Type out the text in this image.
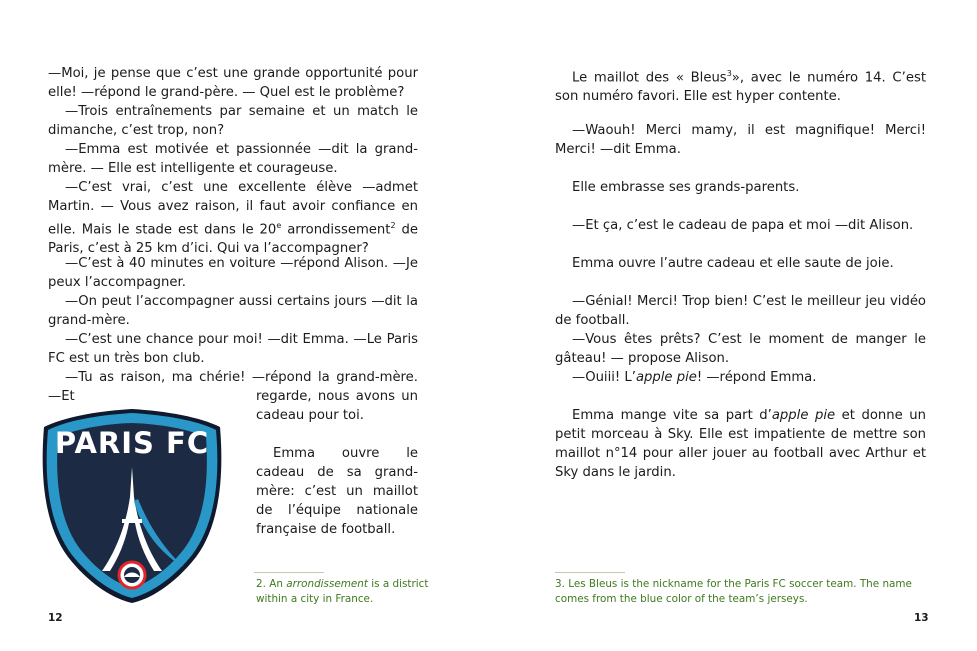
—Moi, je pense que c’est une grande opportunité pour elle! —répond le grand-père. — Quel est le problème?

—Trois entraînements par semaine et un match le dimanche, c’est trop, non?

—Emma est motivée et passionnée —dit la grand-mère. — Elle est intelligente et courageuse.

—C’est vrai, c’est une excellente élève —admet Martin. — Vous avez raison, il faut avoir confiance en elle. Mais le stade est dans le 20e arrondissement$^2$ de Paris, c’est à 25 km d’ici. Qui va l’accompagner?

—C’est à 40 minutes en voiture —répond Alison. —Je peux l’accompagner.

—On peut l’accompagner aussi certains jours —dit la grand-mère.

—C’est une chance pour moi! —dit Emma. —Le Paris FC est un très bon club.

—Tu as raison, ma chérie! —répond la grand-mère. —Et	regarde, nous avons un cadeau pour toi.

Emma ouvre le cadeau de sa grand-mère: c’est un maillot de l’équipe nationale française de football.

PARIS FC

2. An arrondissement is a district within a city in France.

12

Le maillot des « Bleus$^3$», avec le numéro 14. C’est son numéro favori. Elle est hyper contente.

—Waouh! Merci mamy, il est magnifique! Merci! Merci! —dit Emma.

Elle embrasse ses grands-parents.

—Et ça, c’est le cadeau de papa et moi —dit Alison.

Emma ouvre l’autre cadeau et elle saute de joie.

—Génial! Merci! Trop bien! C’est le meilleur jeu vidéo de football.

—Vous êtes prêts? C’est le moment de manger le gâteau! — propose Alison.

—Ouiii! L’apple pie! —répond Emma.

Emma mange vite sa part d’apple pie et donne un petit morceau à Sky. Elle est impatiente de mettre son maillot n°14 pour aller jouer au football avec Arthur et Sky dans le jardin.

3. Les Bleus is the nickname for the Paris FC soccer team. The name comes from the blue color of the team’s jerseys.

13
